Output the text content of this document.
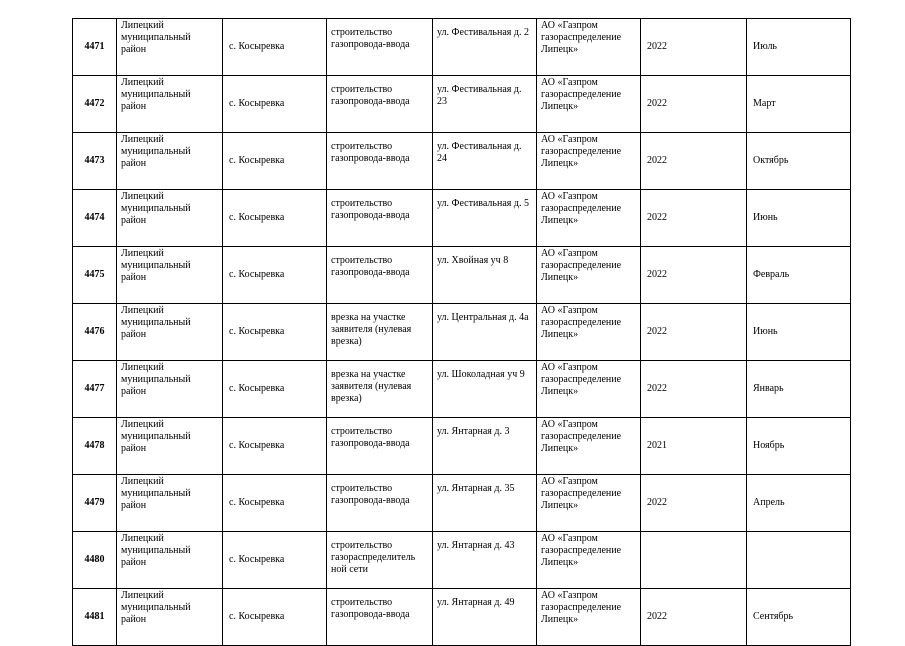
4471	Липецкий муниципальный район	с. Косыревка	строительство газопровода-ввода	ул. Фестивальная д. 2	АО «Газпром газораспределение Липецк»	2022	Июль
4472	Липецкий муниципальный район	с. Косыревка	строительство газопровода-ввода	ул. Фестивальная д. 23	АО «Газпром газораспределение Липецк»	2022	Март
4473	Липецкий муниципальный район	с. Косыревка	строительство газопровода-ввода	ул. Фестивальная д. 24	АО «Газпром газораспределение Липецк»	2022	Октябрь
4474	Липецкий муниципальный район	с. Косыревка	строительство газопровода-ввода	ул. Фестивальная д. 5	АО «Газпром газораспределение Липецк»	2022	Июнь
4475	Липецкий муниципальный район	с. Косыревка	строительство газопровода-ввода	ул. Хвойная уч 8	АО «Газпром газораспределение Липецк»	2022	Февраль
4476	Липецкий муниципальный район	с. Косыревка	врезка на участке заявителя (нулевая врезка)	ул. Центральная д. 4а	АО «Газпром газораспределение Липецк»	2022	Июнь
4477	Липецкий муниципальный район	с. Косыревка	врезка на участке заявителя (нулевая врезка)	ул. Шоколадная уч 9	АО «Газпром газораспределение Липецк»	2022	Январь
4478	Липецкий муниципальный район	с. Косыревка	строительство газопровода-ввода	ул. Янтарная д. 3	АО «Газпром газораспределение Липецк»	2021	Ноябрь
4479	Липецкий муниципальный район	с. Косыревка	строительство газопровода-ввода	ул. Янтарная д. 35	АО «Газпром газораспределение Липецк»	2022	Апрель
4480	Липецкий муниципальный район	с. Косыревка	строительство газораспределитель ной сети	ул. Янтарная д. 43	АО «Газпром газораспределение Липецк»		
4481	Липецкий муниципальный район	с. Косыревка	строительство газопровода-ввода	ул. Янтарная д. 49	АО «Газпром газораспределение Липецк»	2022	Сентябрь
